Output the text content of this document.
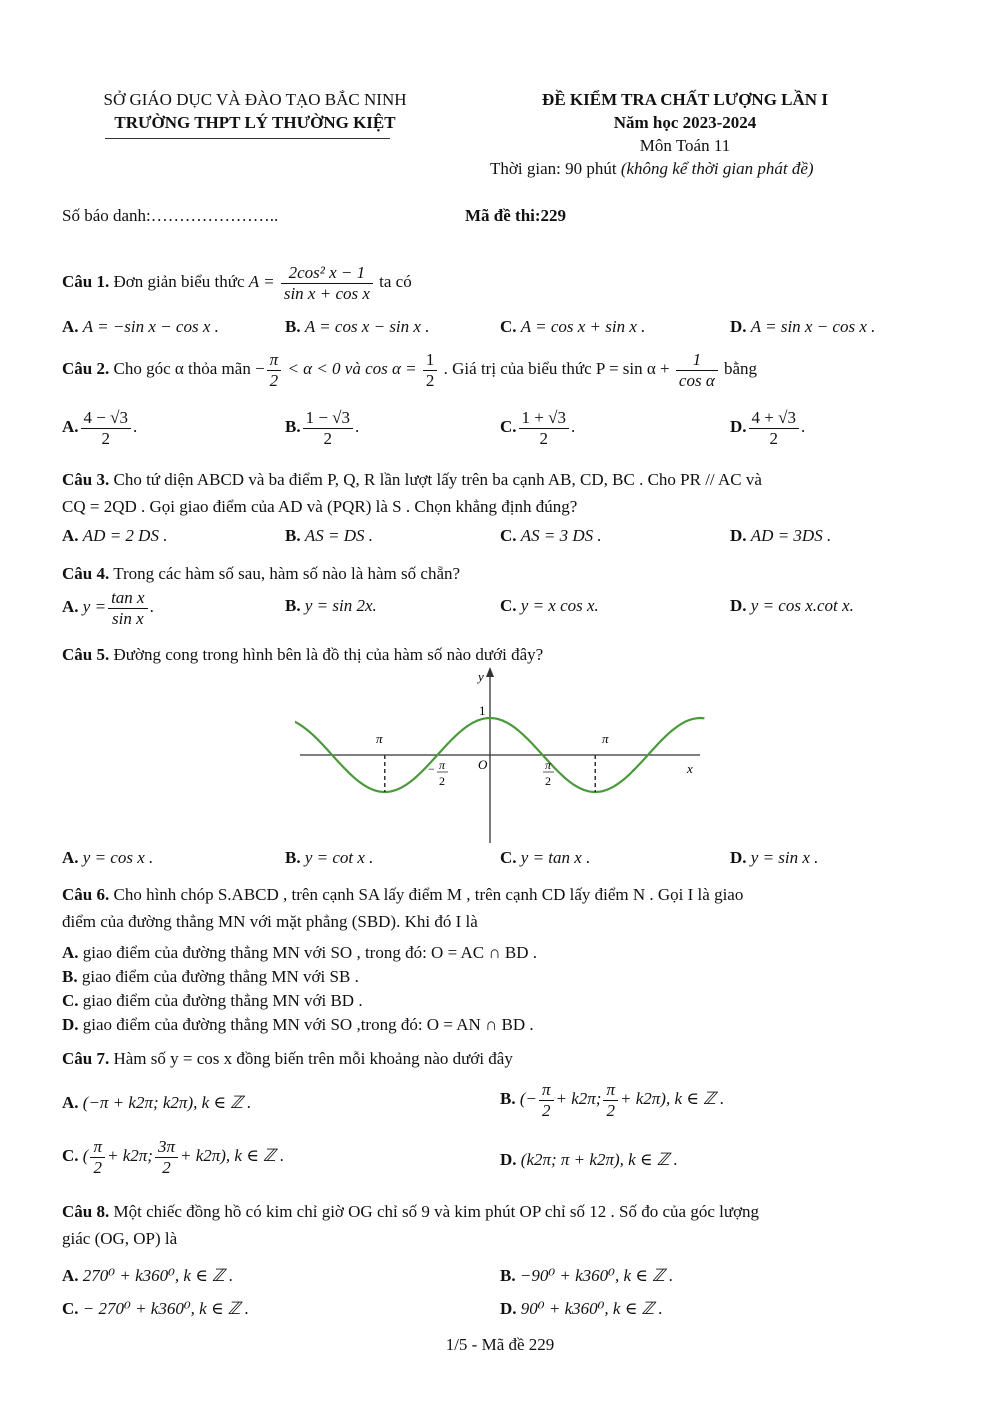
SỞ GIÁO DỤC VÀ ĐÀO TẠO BẮC NINH
TRƯỜNG THPT LÝ THƯỜNG KIỆT
ĐỀ KIỂM TRA CHẤT LƯỢNG LẦN I
Năm học 2023-2024
Môn Toán 11
Thời gian: 90 phút (không kể thời gian phát đề)
Số báo danh:…………………..	Mã đề thi:229
Câu 1. Đơn giản biểu thức $A = \frac{\text{2cos² x − 1}}{\text{sin x + cos x}}$ ta có
A. A = −sin x − cos x .	B. A = cos x − sin x .	C. A = cos x + sin x .	D. A = sin x − cos x .
Câu 2. Cho góc α thỏa mãn − $\frac{\pi}{2} < \alpha < 0$ và $\cos \alpha = \frac{1}{2}$ . Giá trị của biểu thức $P = \sin \alpha + \frac{1}{\text{cos α}}$ bằng
A. $\frac{4 - √3}{2}$ .	B. $\frac{1 - √3}{2}$ .	C. $\frac{1 + √3}{2}$ .	D. $\frac{4 + √3}{2}$ .
Câu 3. Cho tứ diện ABCD và ba điểm P, Q, R lần lượt lấy trên ba cạnh AB, CD, BC . Cho PR // AC và
CQ = 2QD . Gọi giao điểm của AD và (PQR) là S . Chọn khẳng định đúng?
A. AD = 2 DS .	B. AS = DS .	C. AS = 3 DS .	D. AD = 3DS .
Câu 4. Trong các hàm số sau, hàm số nào là hàm số chẵn?
A. $y = \frac{\text{tan x}}{\text{sin x}}$ .	B. y = sin 2x.	C. y = x cos x.	D. y = cos x.cot x.
Câu 5. Đường cong trong hình bên là đồ thị của hàm số nào dưới đây?
y
x
O
1
π	π
− π
2
π
2
A. y = cos x .	B. y = cot x .	C. y = tan x .	D. y = sin x .
Câu 6. Cho hình chóp S.ABCD , trên cạnh SA lấy điểm M , trên cạnh CD lấy điểm N . Gọi I là giao
điểm của đường thẳng MN với mặt phẳng (SBD). Khi đó I là
A. giao điểm của đường thẳng MN với SO , trong đó: O = AC ∩ BD .
B. giao điểm của đường thẳng MN với SB .
C. giao điểm của đường thẳng MN với BD .
D. giao điểm của đường thẳng MN với SO ,trong đó: O = AN ∩ BD .
Câu 7. Hàm số y = cos x đồng biến trên mỗi khoảng nào dưới đây
A. (−π + k2π; k2π), k ∈ ℤ .	B. (− $\frac{\pi}{2} + k2\pi$; $\frac{\pi}{2} + k2\pi$), k ∈ ℤ .
C. ( $\frac{\pi}{2} + k2\pi$; $\frac{3\pi}{2} + k2\pi$), k ∈ ℤ .	D. (k2π; π + k2π), k ∈ ℤ .
Câu 8. Một chiếc đồng hồ có kim chỉ giờ OG chỉ số 9 và kim phút OP chỉ số 12 . Số đo của góc lượng
giác (OG, OP) là
A. 270⁰ + k360⁰, k ∈ ℤ .	B. −90⁰ + k360⁰, k ∈ ℤ .
C. − 270⁰ + k360⁰, k ∈ ℤ .	D. 90⁰ + k360⁰, k ∈ ℤ .
1/5 - Mã đề 229
